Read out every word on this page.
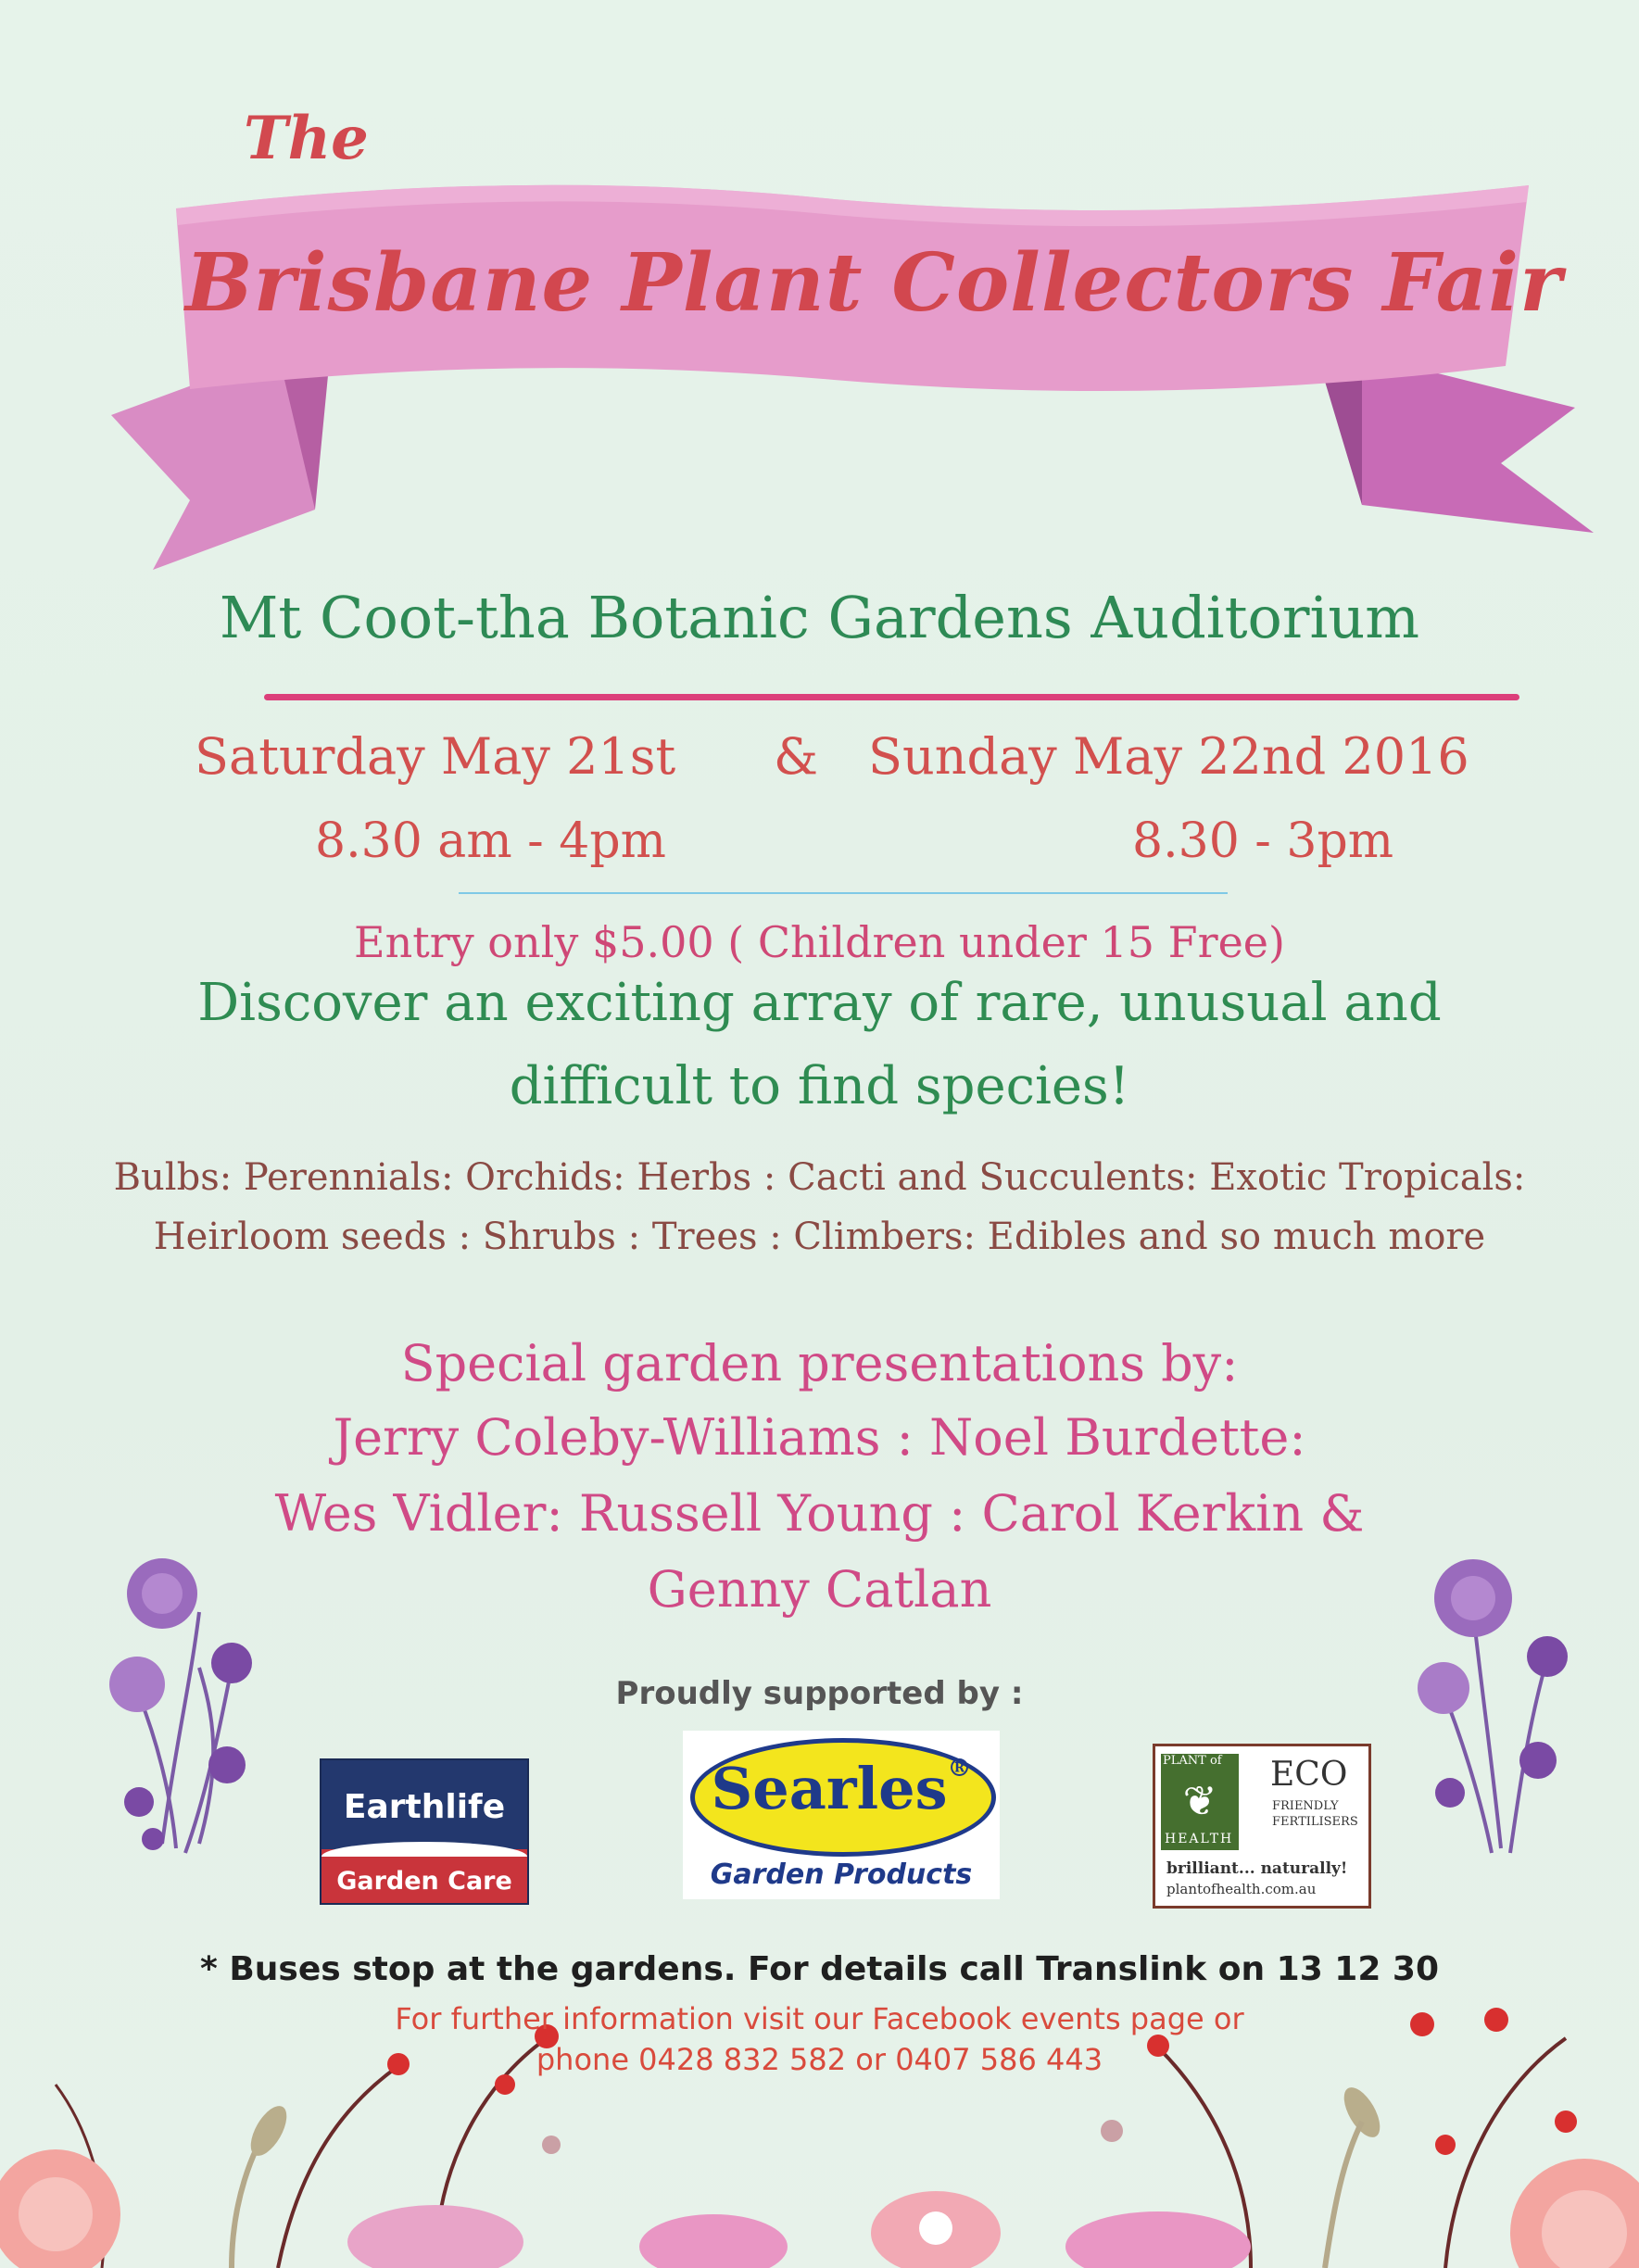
The
Brisbane Plant Collectors Fair
Mt Coot-tha Botanic Gardens Auditorium
Saturday May 21st & Sunday May 22nd 2016
8.30 am - 4pm	8.30 - 3pm
Entry only $5.00 ( Children under 15 Free)
Discover an exciting array of rare, unusual and
difficult to find species!
Bulbs: Perennials: Orchids: Herbs : Cacti and Succulents: Exotic Tropicals:
Heirloom seeds : Shrubs : Trees : Climbers: Edibles and so much more
Special garden presentations by:
Jerry Coleby-Williams : Noel Burdette:
Wes Vidler: Russell Young : Carol Kerkin &
Genny Catlan
Proudly supported by :
Earthlife
Garden Care
Searles®
Garden Products
PLANT of
❦
HEALTH
ECO
FRIENDLY
FERTILISERS
brilliant... naturally!
plantofhealth.com.au
* Buses stop at the gardens. For details call Translink on 13 12 30
For further information visit our Facebook events page or
phone 0428 832 582 or 0407 586 443
